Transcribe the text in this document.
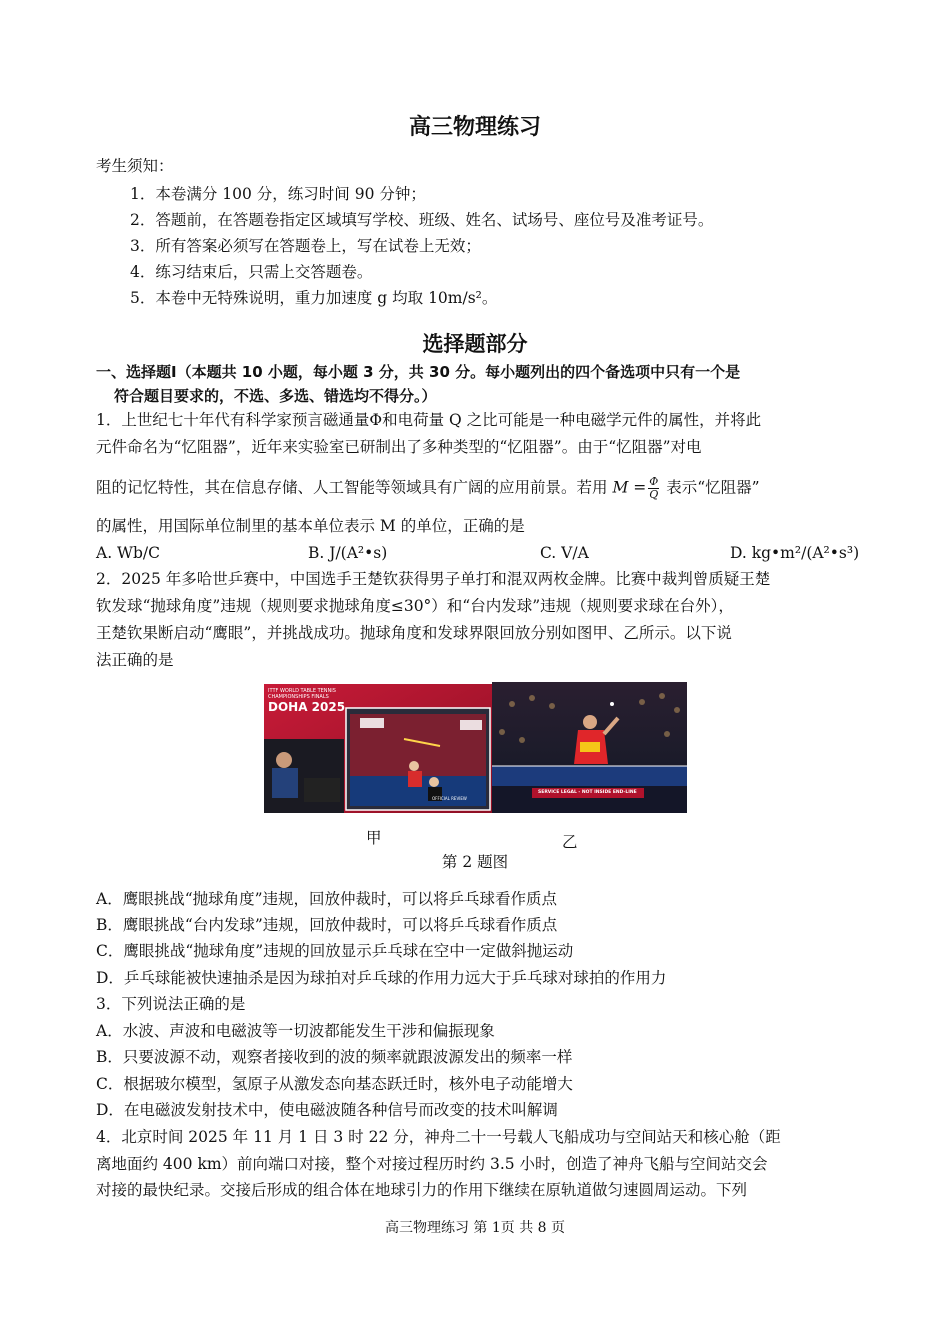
高三物理练习
考生须知：
1．本卷满分 100 分，练习时间 90 分钟；
2．答题前，在答题卷指定区域填写学校、班级、姓名、试场号、座位号及准考证号。
3．所有答案必须写在答题卷上，写在试卷上无效；
4．练习结束后，只需上交答题卷。
5．本卷中无特殊说明，重力加速度 g 均取 10m/s²。
选择题部分
一、选择题Ⅰ（本题共 10 小题，每小题 3 分，共 30 分。每小题列出的四个备选项中只有一个是
符合题目要求的，不选、多选、错选均不得分。）
1．上世纪七十年代有科学家预言磁通量Φ和电荷量 Q 之比可能是一种电磁学元件的属性，并将此
元件命名为“忆阻器”，近年来实验室已研制出了多种类型的“忆阻器”。由于“忆阻器”对电
阻的记忆特性，其在信息存储、人工智能等领域具有广阔的应用前景。若用 $M = \frac{\Phi}{Q}$ 表示“忆阻器”
的属性，用国际单位制里的基本单位表示 M 的单位，正确的是
A. Wb/C	B. J/(A²•s)	C. V/A	D. kg•m²/(A²•s³)
2．2025 年多哈世乒赛中，中国选手王楚钦获得男子单打和混双两枚金牌。比赛中裁判曾质疑王楚
钦发球“抛球角度”违规（规则要求抛球角度≤30°）和“台内发球”违规（规则要求球在台外），
王楚钦果断启动“鹰眼”，并挑战成功。抛球角度和发球界限回放分别如图甲、乙所示。以下说
法正确的是
ITTF WORLD TABLE TENNIS
CHAMPIONSHIPS FINALS
DOHA 2025
OFFICIAL REVIEW
SERVICE LEGAL - NOT INSIDE END-LINE
甲	乙
第 2 题图
A．鹰眼挑战“抛球角度”违规，回放仲裁时，可以将乒乓球看作质点
B．鹰眼挑战“台内发球”违规，回放仲裁时，可以将乒乓球看作质点
C．鹰眼挑战“抛球角度”违规的回放显示乒乓球在空中一定做斜抛运动
D．乒乓球能被快速抽杀是因为球拍对乒乓球的作用力远大于乒乓球对球拍的作用力
3．下列说法正确的是
A．水波、声波和电磁波等一切波都能发生干涉和偏振现象
B．只要波源不动，观察者接收到的波的频率就跟波源发出的频率一样
C．根据玻尔模型，氢原子从激发态向基态跃迁时，核外电子动能增大
D．在电磁波发射技术中，使电磁波随各种信号而改变的技术叫解调
4．北京时间 2025 年 11 月 1 日 3 时 22 分，神舟二十一号载人飞船成功与空间站天和核心舱（距
离地面约 400 km）前向端口对接，整个对接过程历时约 3.5 小时，创造了神舟飞船与空间站交会
对接的最快纪录。交接后形成的组合体在地球引力的作用下继续在原轨道做匀速圆周运动。下列
高三物理练习 第 1页 共 8 页
